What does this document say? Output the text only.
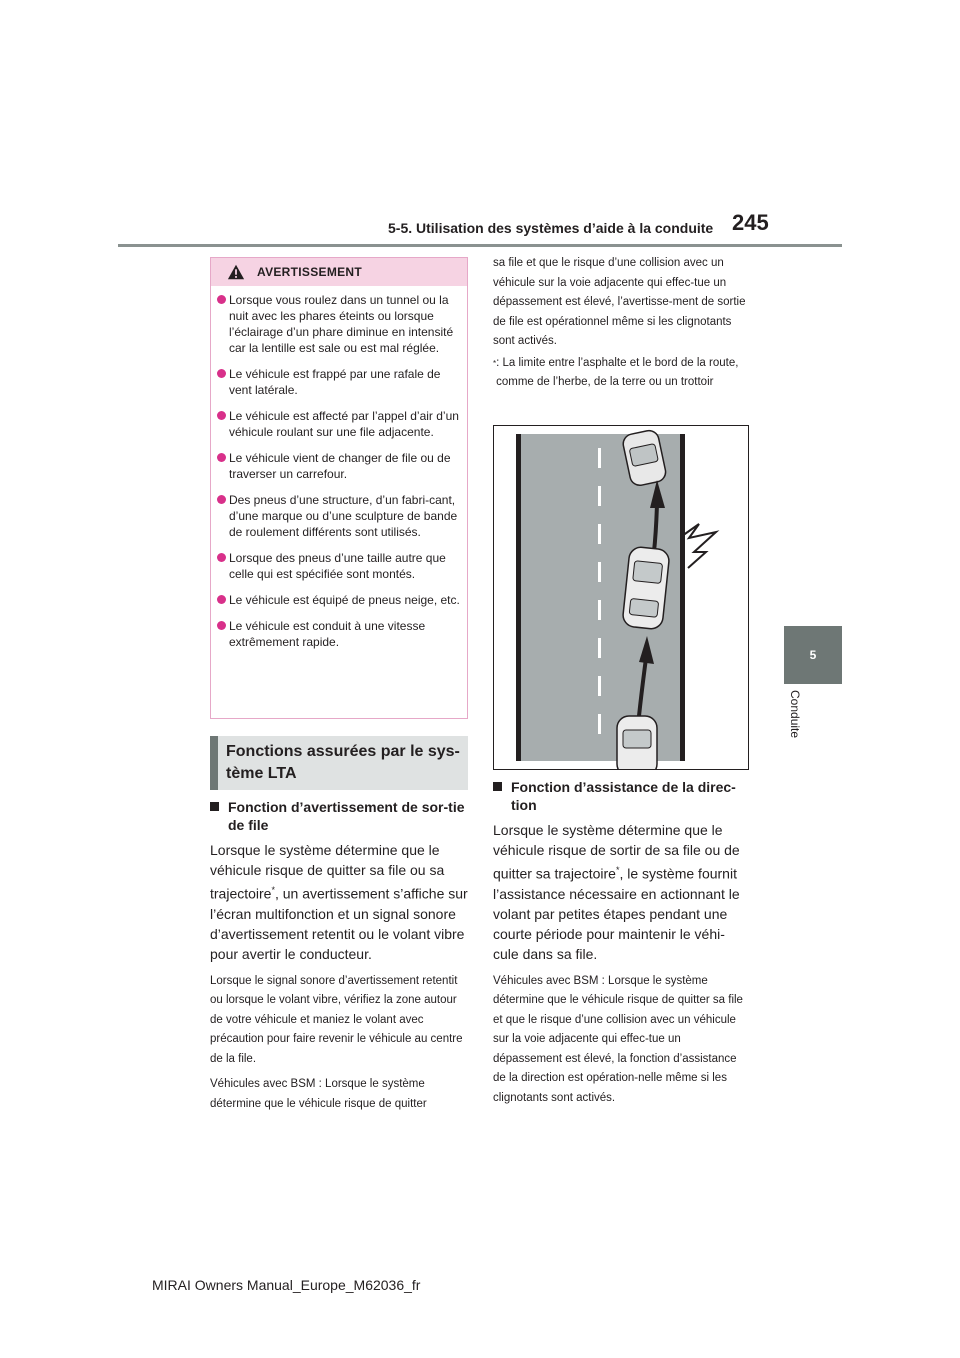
5-5. Utilisation des systèmes d’aide à la conduite 245
5
Conduite
AVERTISSEMENT
Lorsque vous roulez dans un tunnel ou la nuit avec les phares éteints ou lorsque l’éclairage d’un phare diminue en intensité car la lentille est sale ou est mal réglée.
Le véhicule est frappé par une rafale de vent latérale.
Le véhicule est affecté par l’appel d’air d’un véhicule roulant sur une file adjacente.
Le véhicule vient de changer de file ou de traverser un carrefour.
Des pneus d’une structure, d’un fabri-cant, d’une marque ou d’une sculpture de bande de roulement différents sont utilisés.
Lorsque des pneus d’une taille autre que celle qui est spécifiée sont montés.
Le véhicule est équipé de pneus neige, etc.
Le véhicule est conduit à une vitesse extrêmement rapide.
Fonctions assurées par le sys-tème LTA
Fonction d’avertissement de sor-tie de file
Lorsque le système détermine que le véhicule risque de quitter sa file ou sa trajectoire*, un avertissement s’affiche sur l’écran multifonction et un signal sonore d’avertissement retentit ou le volant vibre pour avertir le conducteur.
Lorsque le signal sonore d’avertissement retentit ou lorsque le volant vibre, vérifiez la zone autour de votre véhicule et maniez le volant avec précaution pour faire revenir le véhicule au centre de la file.
Véhicules avec BSM : Lorsque le système détermine que le véhicule risque de quitter
sa file et que le risque d’une collision avec un véhicule sur la voie adjacente qui effec-tue un dépassement est élevé, l’avertisse-ment de sortie de file est opérationnel même si les clignotants sont activés.
* : La limite entre l’asphalte et le bord de la route, comme de l’herbe, de la terre ou un trottoir
Fonction d’assistance de la direc-tion
Lorsque le système détermine que le véhicule risque de sortir de sa file ou de quitter sa trajectoire*, le système fournit l’assistance nécessaire en actionnant le volant par petites étapes pendant une courte période pour maintenir le véhi-cule dans sa file.
Véhicules avec BSM : Lorsque le système détermine que le véhicule risque de quitter sa file et que le risque d’une collision avec un véhicule sur la voie adjacente qui effec-tue un dépassement est élevé, la fonction d’assistance de la direction est opération-nelle même si les clignotants sont activés.
MIRAI Owners Manual_Europe_M62036_fr
